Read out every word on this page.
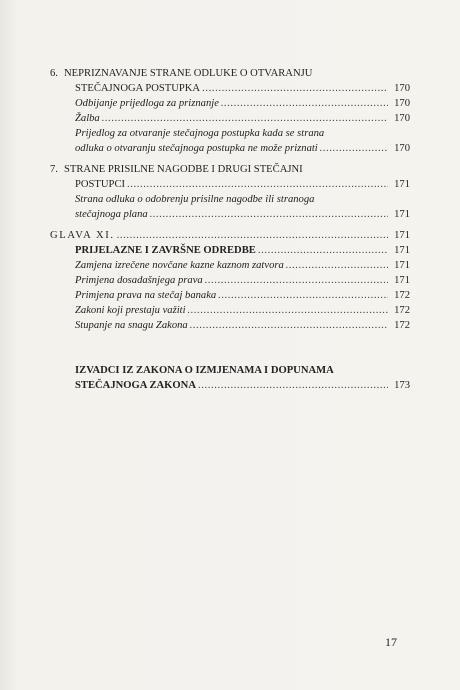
6. NEPRIZNAVANJE STRANE ODLUKE O OTVARANJU
STEČAJNOGA POSTUPKA .....	170
Odbijanje prijedloga za priznanje .....	170
Žalba .....	170
Prijedlog za otvaranje stečajnoga postupka kada se strana
odluka o otvaranju stečajnoga postupka ne može priznati .....	170
7. STRANE PRISILNE NAGODBE I DRUGI STEČAJNI
POSTUPCI .....	171
Strana odluka o odobrenju prisilne nagodbe ili stranoga
stečajnoga plana .....	171
GLAVA XI. .....	171
PRIJELAZNE I ZAVRŠNE ODREDBE .....	171
Zamjena izrečene novčane kazne kaznom zatvora .....	171
Primjena dosadašnjega prava .....	171
Primjena prava na stečaj banaka .....	172
Zakoni koji prestaju važiti .....	172
Stupanje na snagu Zakona .....	172
IZVADCI IZ ZAKONA O IZMJENAMA I DOPUNAMA
STEČAJNOGA ZAKONA .....	173
17
